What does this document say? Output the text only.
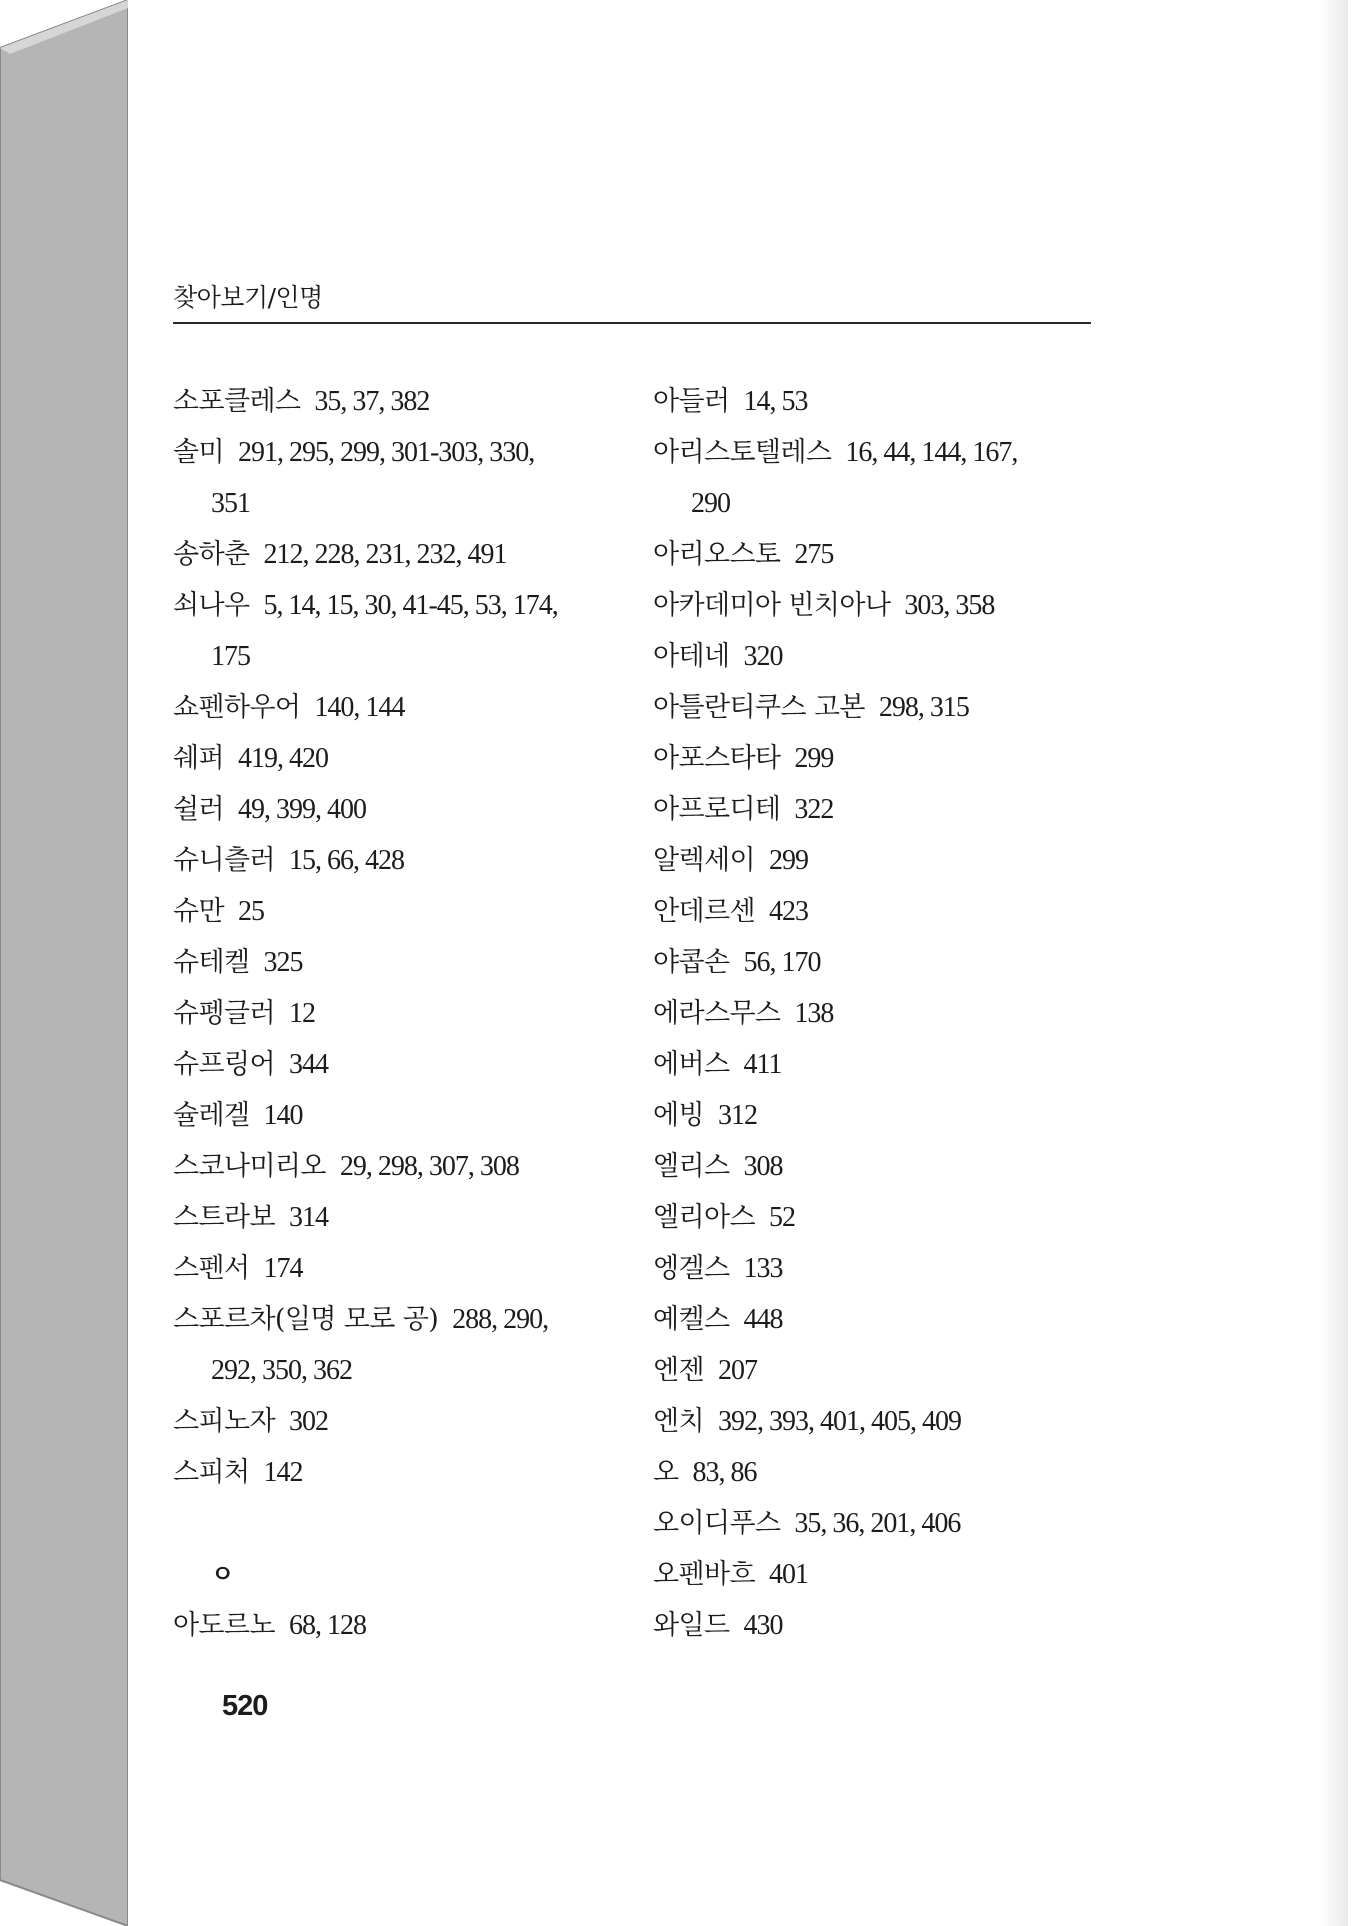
찾아보기/인명
소포클레스 35, 37, 382
솔미 291, 295, 299, 301-303, 330,
351
송하춘 212, 228, 231, 232, 491
쇠나우 5, 14, 15, 30, 41-45, 53, 174,
175
쇼펜하우어 140, 144
쉐퍼 419, 420
쉴러 49, 399, 400
슈니츨러 15, 66, 428
슈만 25
슈테켈 325
슈펭글러 12
슈프링어 344
슐레겔 140
스코나미리오 29, 298, 307, 308
스트라보 314
스펜서 174
스포르차(일명 모로 공) 288, 290,
292, 350, 362
스피노자 302
스피처 142
ㅇ
아도르노 68, 128
아들러 14, 53
아리스토텔레스 16, 44, 144, 167,
290
아리오스토 275
아카데미아 빈치아나 303, 358
아테네 320
아틀란티쿠스 고본 298, 315
아포스타타 299
아프로디테 322
알렉세이 299
안데르센 423
야콥손 56, 170
에라스무스 138
에버스 411
에빙 312
엘리스 308
엘리아스 52
엥겔스 133
예켈스 448
엔젠 207
엔치 392, 393, 401, 405, 409
오 83, 86
오이디푸스 35, 36, 201, 406
오펜바흐 401
와일드 430
520
